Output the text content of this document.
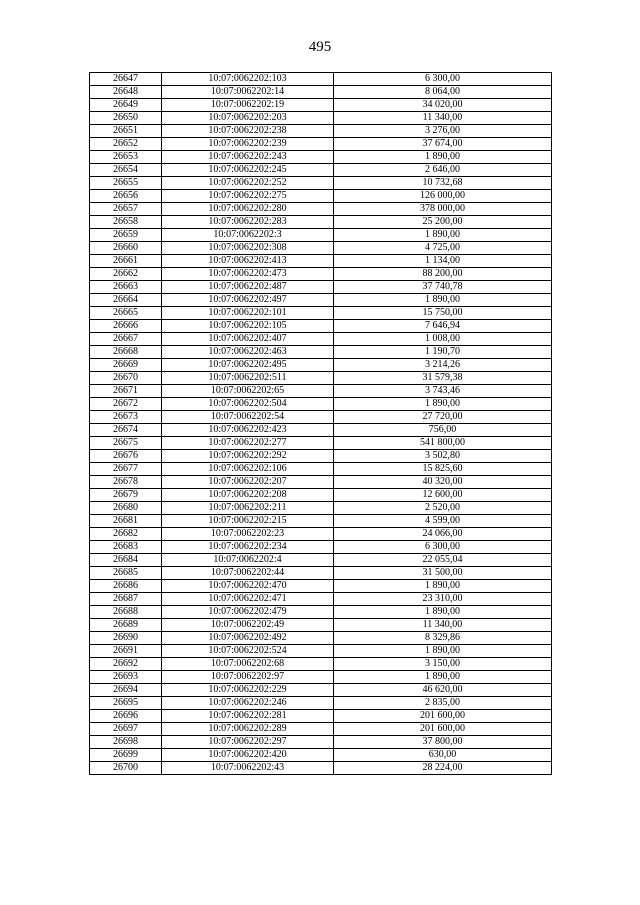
495
26647	10:07:0062202:103	6 300,00
26648	10:07:0062202:14	8 064,00
26649	10:07:0062202:19	34 020,00
26650	10:07:0062202:203	11 340,00
26651	10:07:0062202:238	3 276,00
26652	10:07:0062202:239	37 674,00
26653	10:07:0062202:243	1 890,00
26654	10:07:0062202:245	2 646,00
26655	10:07:0062202:252	10 732,68
26656	10:07:0062202:275	126 000,00
26657	10:07:0062202:280	378 000,00
26658	10:07:0062202:283	25 200,00
26659	10:07:0062202:3	1 890,00
26660	10:07:0062202:308	4 725,00
26661	10:07:0062202:413	1 134,00
26662	10:07:0062202:473	88 200,00
26663	10:07:0062202:487	37 740,78
26664	10:07:0062202:497	1 890,00
26665	10:07:0062202:101	15 750,00
26666	10:07:0062202:105	7 646,94
26667	10:07:0062202:407	1 008,00
26668	10:07:0062202:463	1 190,70
26669	10:07:0062202:495	3 214,26
26670	10:07:0062202:511	31 579,38
26671	10:07:0062202:65	3 743,46
26672	10:07:0062202:504	1 890,00
26673	10:07:0062202:54	27 720,00
26674	10:07:0062202:423	756,00
26675	10:07:0062202:277	541 800,00
26676	10:07:0062202:292	3 502,80
26677	10:07:0062202:106	15 825,60
26678	10:07:0062202:207	40 320,00
26679	10:07:0062202:208	12 600,00
26680	10:07:0062202:211	2 520,00
26681	10:07:0062202:215	4 599,00
26682	10:07:0062202:23	24 066,00
26683	10:07:0062202:234	6 300,00
26684	10:07:0062202:4	22 055,04
26685	10:07:0062202:44	31 500,00
26686	10:07:0062202:470	1 890,00
26687	10:07:0062202:471	23 310,00
26688	10:07:0062202:479	1 890,00
26689	10:07:0062202:49	11 340,00
26690	10:07:0062202:492	8 329,86
26691	10:07:0062202:524	1 890,00
26692	10:07:0062202:68	3 150,00
26693	10:07:0062202:97	1 890,00
26694	10:07:0062202:229	46 620,00
26695	10:07:0062202:246	2 835,00
26696	10:07:0062202:281	201 600,00
26697	10:07:0062202:289	201 600,00
26698	10:07:0062202:297	37 800,00
26699	10:07:0062202:420	630,00
26700	10:07:0062202:43	28 224,00
